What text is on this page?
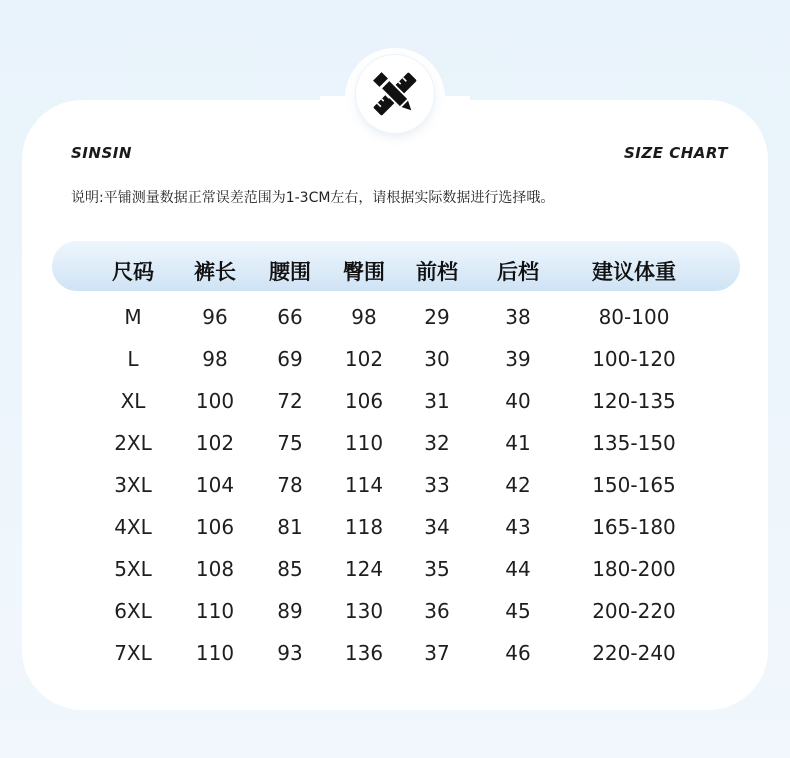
SINSIN	SIZE CHART
说明:平铺测量数据正常误差范围为1-3CM左右，请根据实际数据进行选择哦。
尺码 裤长 腰围 臀围 前档 后档	建议体重
M	96 66 98 29	38	80-100
L	98 69 102 30	39	100-120
XL	100 72 106 31	40	120-135
2XL 102 75 110 32	41	135-150
3XL 104 78 114 33	42	150-165
4XL 106 81 118 34	43	165-180
5XL 108 85 124 35	44	180-200
6XL 110 89 130 36	45	200-220
7XL 110 93 136 37	46	220-240
